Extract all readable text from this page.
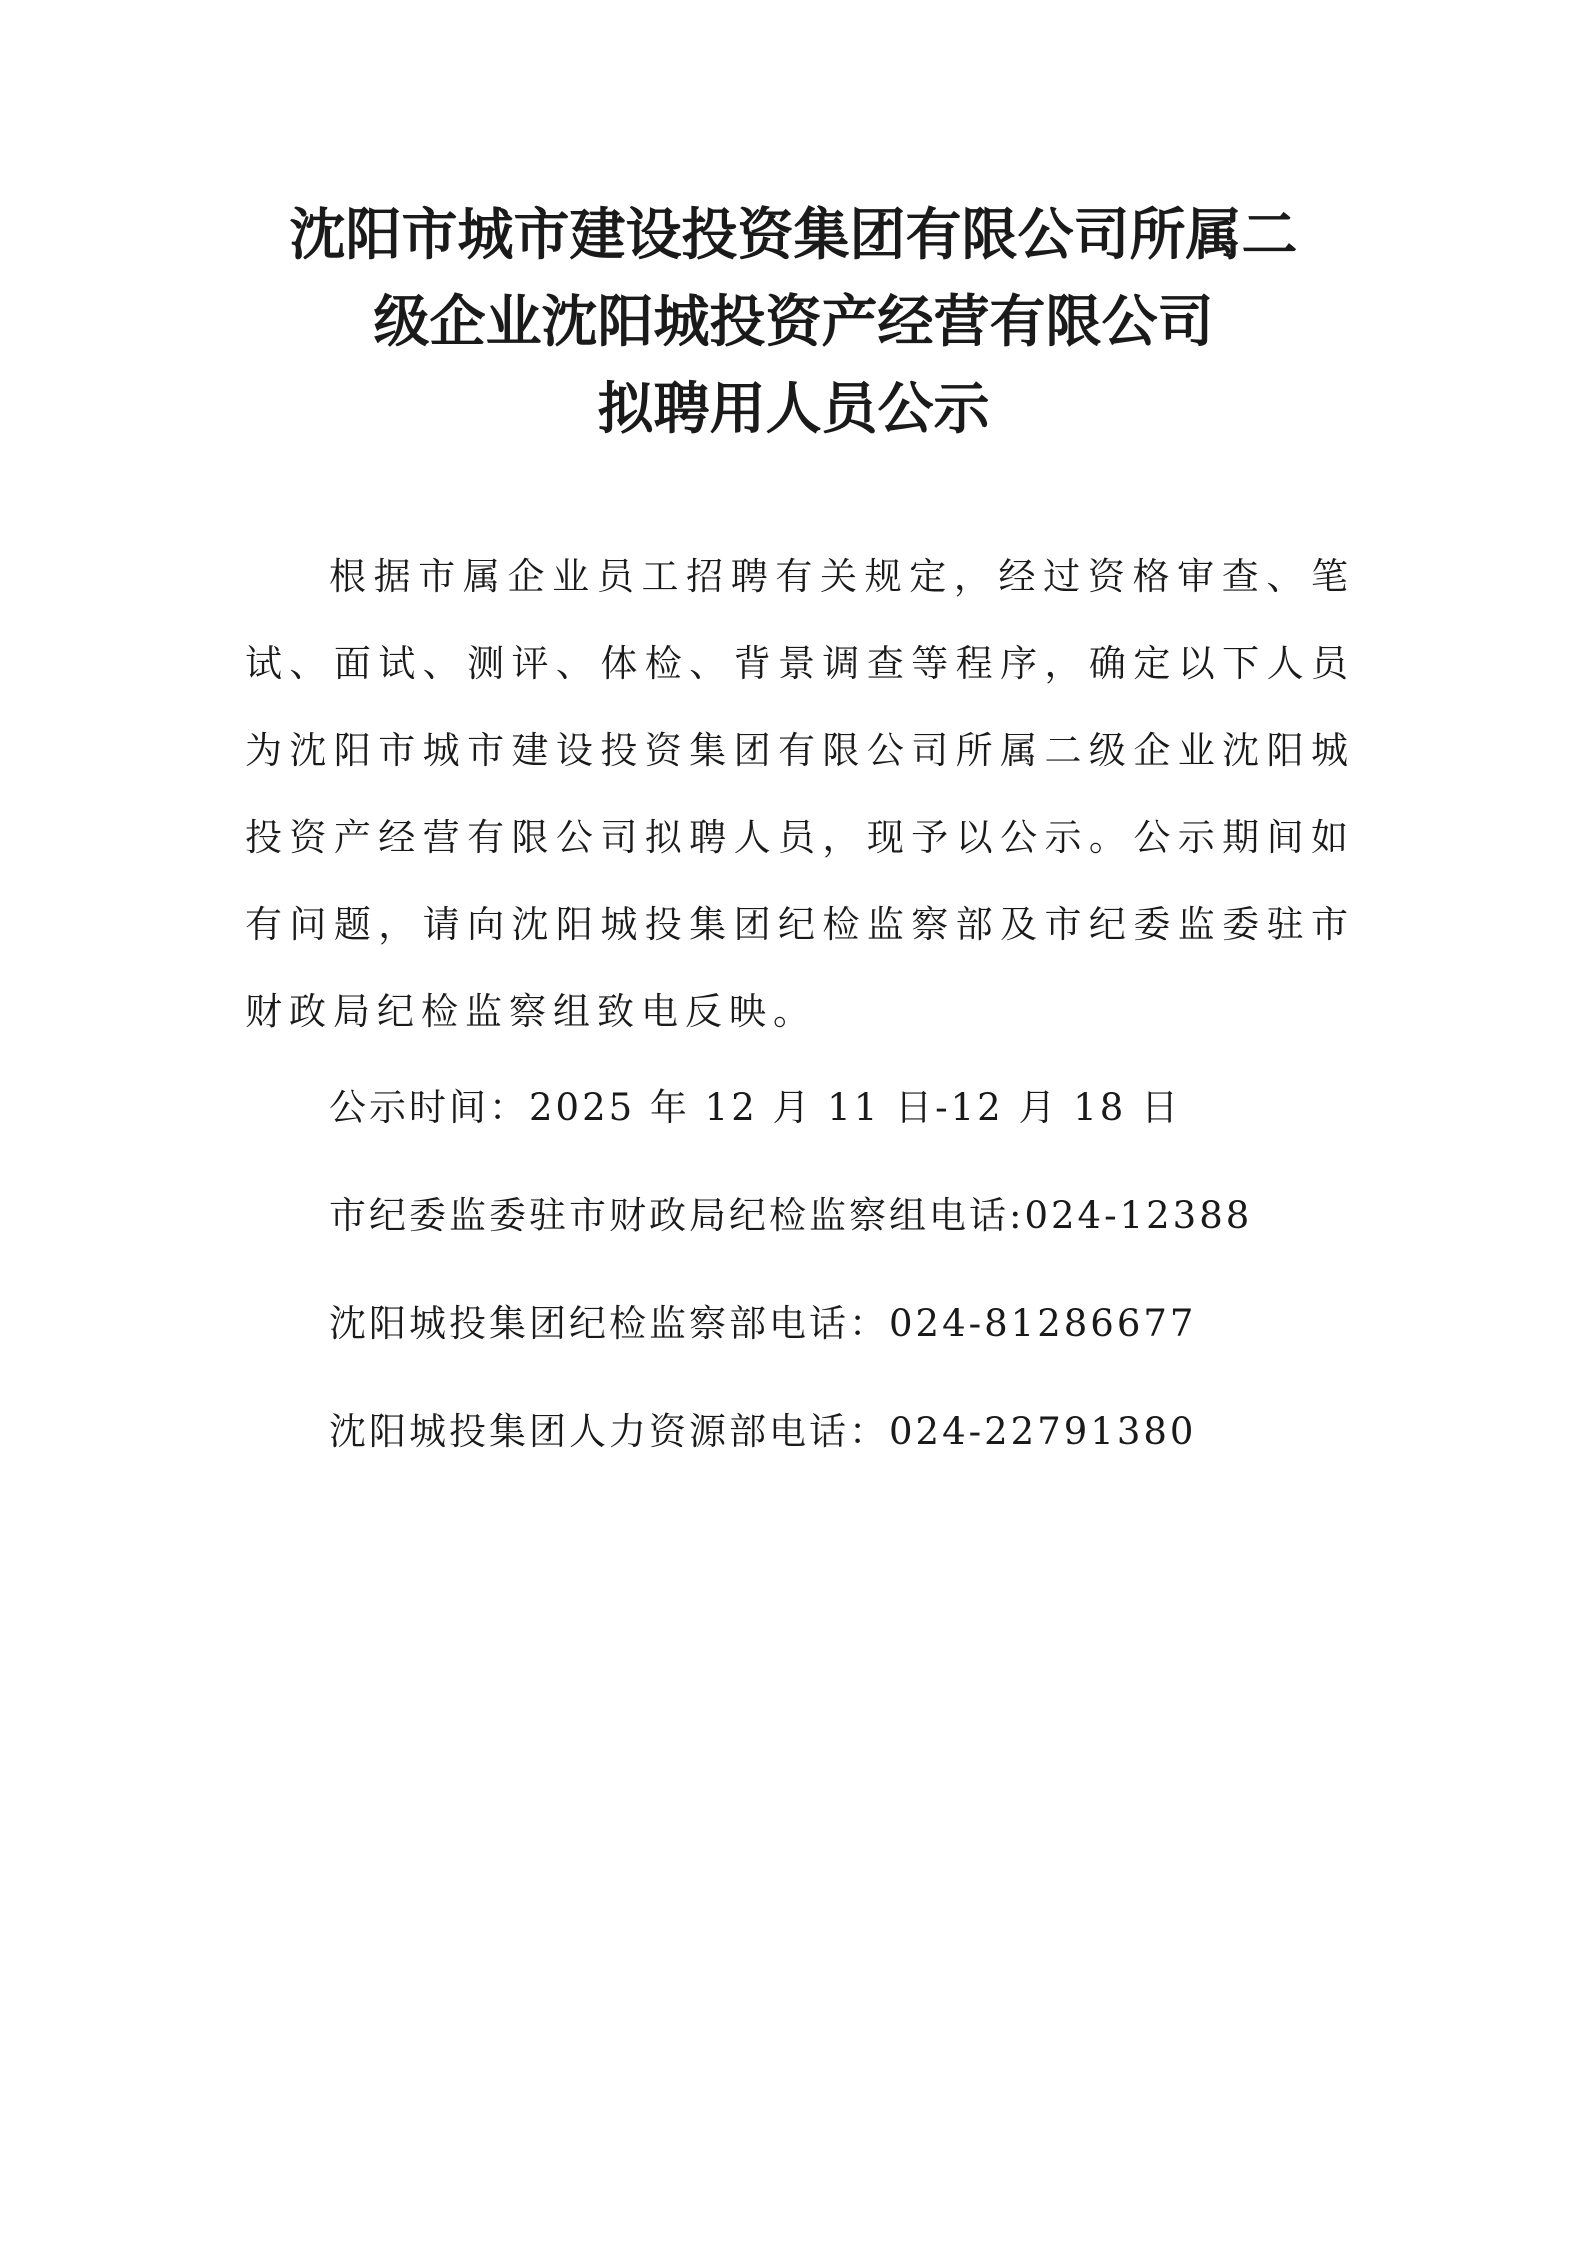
沈阳市城市建设投资集团有限公司所属二
级企业沈阳城投资产经营有限公司
拟聘用人员公示

根据市属企业员工招聘有关规定，经过资格审查、笔试、面试、测评、体检、背景调查等程序，确定以下人员为沈阳市城市建设投资集团有限公司所属二级企业沈阳城投资产经营有限公司拟聘人员，现予以公示。公示期间如有问题，请向沈阳城投集团纪检监察部及市纪委监委驻市财政局纪检监察组致电反映。

公示时间：2025 年 12 月 11 日-12 月 18 日
市纪委监委驻市财政局纪检监察组电话:024-12388
沈阳城投集团纪检监察部电话：024-81286677
沈阳城投集团人力资源部电话：024-22791380
